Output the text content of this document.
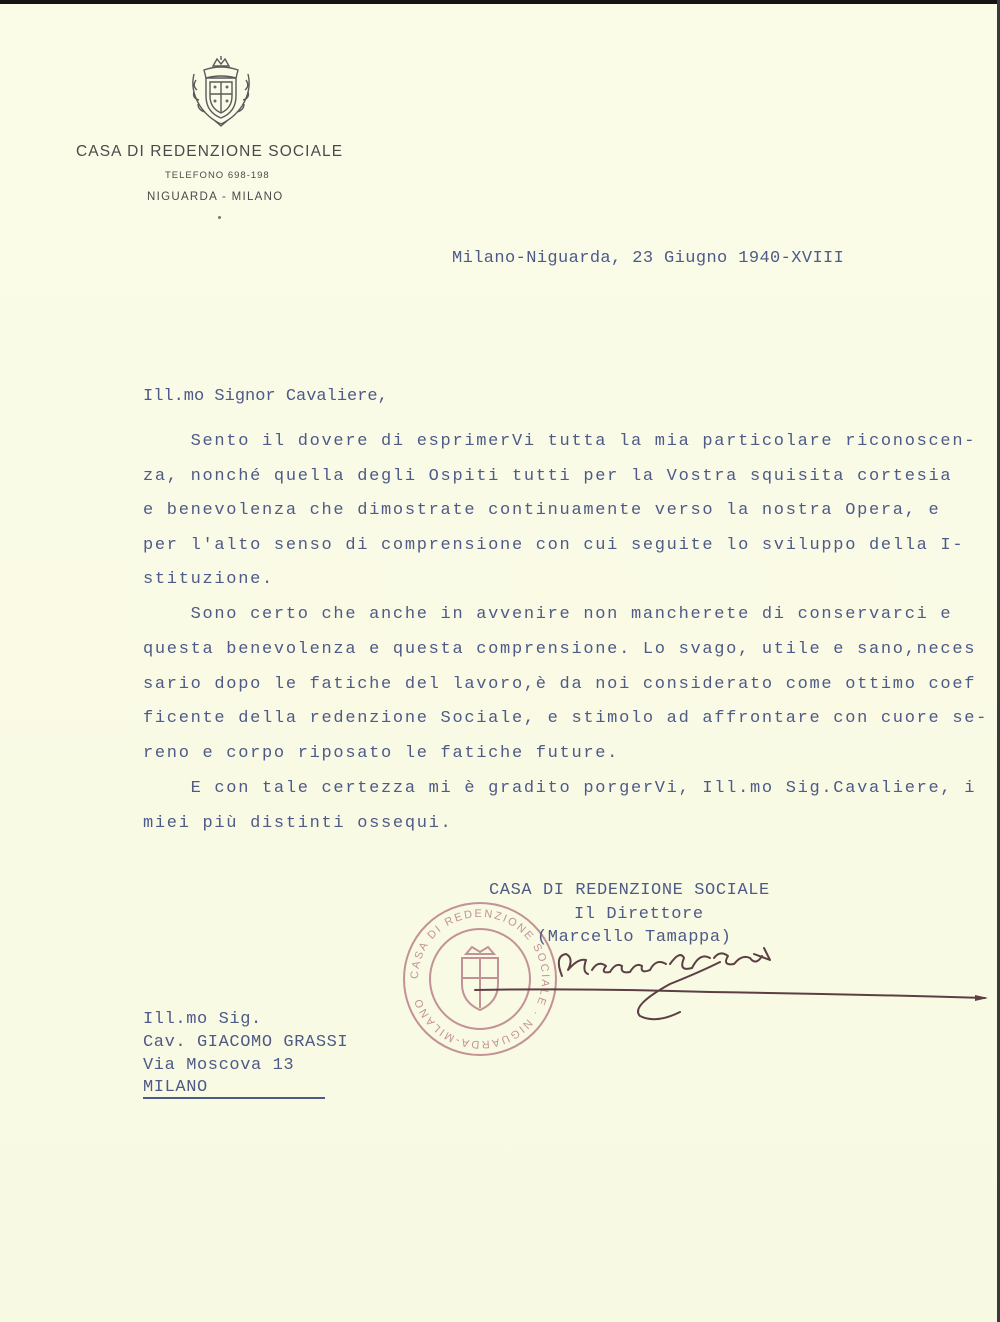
CASA DI REDENZIONE SOCIALE
TELEFONO 698-198
NIGUARDA - MILANO
Milano-Niguarda, 23 Giugno 1940-XVIII
Ill.mo Signor Cavaliere,
Sento il dovere di esprimerVi tutta la mia particolare riconoscen-
za, nonché quella degli Ospiti tutti per la Vostra squisita cortesia
e benevolenza che dimostrate continuamente verso la nostra Opera, e
per l'alto senso di comprensione con cui seguite lo sviluppo della I-
stituzione.
Sono certo che anche in avvenire non mancherete di conservarci e
questa benevolenza e questa comprensione. Lo svago, utile e sano,neces
sario dopo le fatiche del lavoro,è da noi considerato come ottimo coef
ficente della redenzione Sociale, e stimolo ad affrontare con cuore se-
reno e corpo riposato le fatiche future.
E con tale certezza mi è gradito porgerVi, Ill.mo Sig.Cavaliere, i
miei più distinti ossequi.
CASA DI REDENZIONE SOCIALE · NIGUARDA-MILANO
CASA DI REDENZIONE SOCIALE
Il Direttore
(Marcello Tamappa)
Ill.mo Sig.
Cav. GIACOMO GRASSI
Via Moscova 13
MILANO
